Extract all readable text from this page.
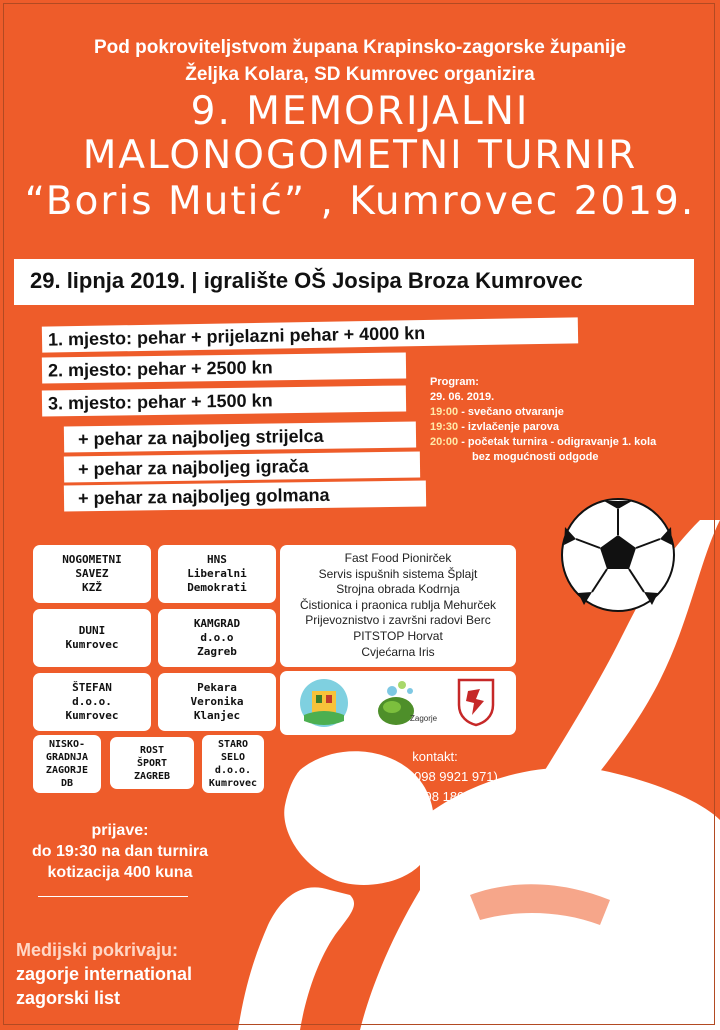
Pod pokroviteljstvom župana Krapinsko-zagorske županije
Željka Kolara, SD Kumrovec organizira
9. MEMORIJALNI
MALONOGOMETNI TURNIR
“Boris Mutić” , Kumrovec 2019.
29. lipnja 2019. | igralište OŠ Josipa Broza Kumrovec
1. mjesto: pehar + prijelazni pehar + 4000 kn
2. mjesto: pehar + 2500 kn
3. mjesto: pehar + 1500 kn
+ pehar za najboljeg strijelca
+ pehar za najboljeg igrača
+ pehar za najboljeg golmana
Program:
29. 06. 2019.
19:00 - svečano otvaranje
19:30 - izvlačenje parova
20:00 - početak turnira - odigravanje 1. kola
bez mogućnosti odgode
NOGOMETNI
SAVEZ
KZŽ
HNS
Liberalni
Demokrati
DUNI
Kumrovec
KAMGRAD
d.o.o
Zagreb
ŠTEFAN
d.o.o.
Kumrovec
Pekara
Veronika
Klanjec
NISKO-
GRADNJA
ZAGORJE
DB
ROST
ŠPORT
ZAGREB
STARO
SELO
d.o.o.
Kumrovec
Fast Food Pionirček
Servis ispušnih sistema Šplajt
Strojna obrada Kodrnja
Čistionica i praonica rublja Mehurček
Prijevoznistvo i završni radovi Berc
PITSTOP Horvat
Cvjećarna Iris
Zagorje
kontakt:
Karlo ( 098 9921 971)
Bojana ( 098 180 0687 )
prijave:
do 19:30 na dan turnira
kotizacija 400 kuna
Medijski pokrivaju:
zagorje international
zagorski list
